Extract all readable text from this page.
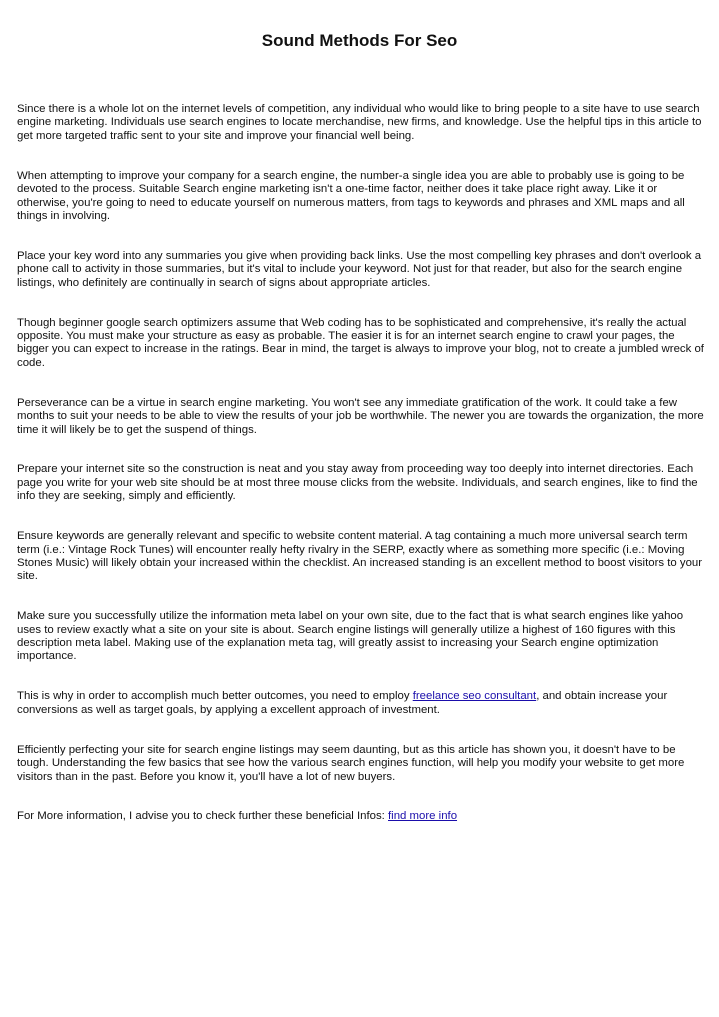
Sound Methods For Seo

Since there is a whole lot on the internet levels of competition, any individual who would like to bring people to a site have to use search engine marketing. Individuals use search engines to locate merchandise, new firms, and knowledge. Use the helpful tips in this article to get more targeted traffic sent to your site and improve your financial well being.

When attempting to improve your company for a search engine, the number-a single idea you are able to probably use is going to be devoted to the process. Suitable Search engine marketing isn't a one-time factor, neither does it take place right away. Like it or otherwise, you're going to need to educate yourself on numerous matters, from tags to keywords and phrases and XML maps and all things in involving.

Place your key word into any summaries you give when providing back links. Use the most compelling key phrases and don't overlook a phone call to activity in those summaries, but it's vital to include your keyword. Not just for that reader, but also for the search engine listings, who definitely are continually in search of signs about appropriate articles.

Though beginner google search optimizers assume that Web coding has to be sophisticated and comprehensive, it's really the actual opposite. You must make your structure as easy as probable. The easier it is for an internet search engine to crawl your pages, the bigger you can expect to increase in the ratings. Bear in mind, the target is always to improve your blog, not to create a jumbled wreck of code.

Perseverance can be a virtue in search engine marketing. You won't see any immediate gratification of the work. It could take a few months to suit your needs to be able to view the results of your job be worthwhile. The newer you are towards the organization, the more time it will likely be to get the suspend of things.

Prepare your internet site so the construction is neat and you stay away from proceeding way too deeply into internet directories. Each page you write for your web site should be at most three mouse clicks from the website. Individuals, and search engines, like to find the info they are seeking, simply and efficiently.

Ensure keywords are generally relevant and specific to website content material. A tag containing a much more universal search term term (i.e.: Vintage Rock Tunes) will encounter really hefty rivalry in the SERP, exactly where as something more specific (i.e.: Moving Stones Music) will likely obtain your increased within the checklist. An increased standing is an excellent method to boost visitors to your site.

Make sure you successfully utilize the information meta label on your own site, due to the fact that is what search engines like yahoo uses to review exactly what a site on your site is about. Search engine listings will generally utilize a highest of 160 figures with this description meta label. Making use of the explanation meta tag, will greatly assist to increasing your Search engine optimization importance.

This is why in order to accomplish much better outcomes, you need to employ freelance seo consultant, and obtain increase your conversions as well as target goals, by applying a excellent approach of investment.

Efficiently perfecting your site for search engine listings may seem daunting, but as this article has shown you, it doesn't have to be tough. Understanding the few basics that see how the various search engines function, will help you modify your website to get more visitors than in the past. Before you know it, you'll have a lot of new buyers.

For More information, I advise you to check further these beneficial Infos: find more info
